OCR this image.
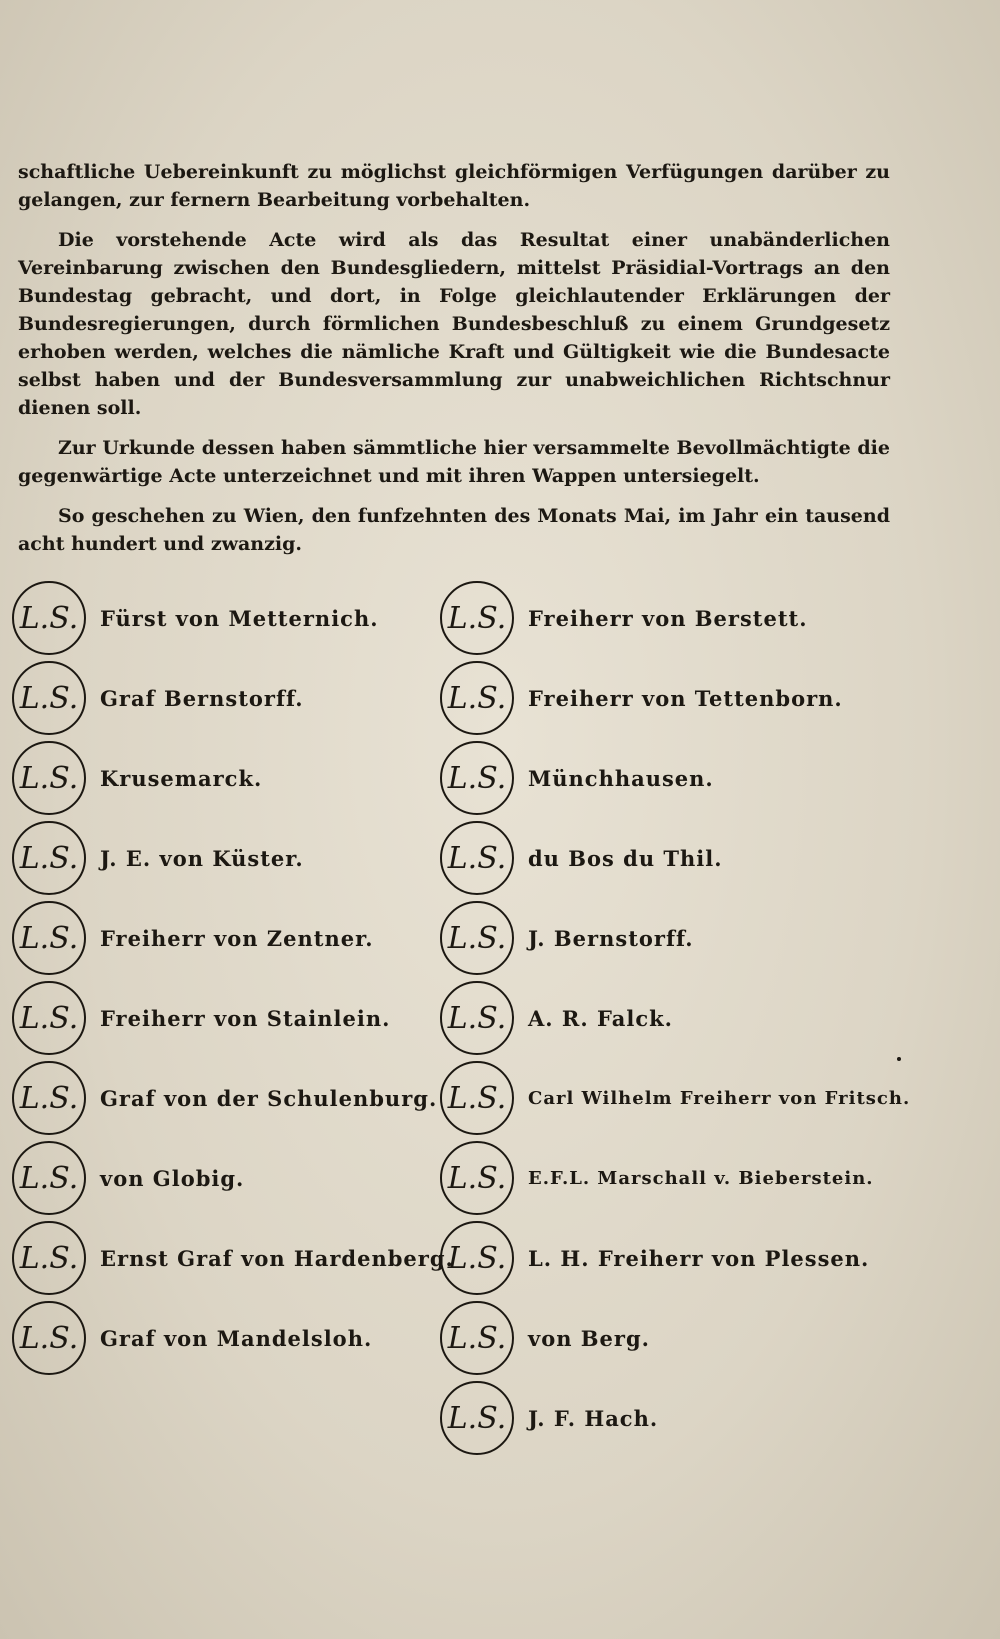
schaftliche Uebereinkunft zu möglichst gleichförmigen Verfügungen darüber zu gelangen, zur fernern Bearbeitung vorbehalten.

Die vorstehende Acte wird als das Resultat einer unabänderlichen Vereinbarung zwischen den Bundesgliedern, mittelst Präsidial-Vortrags an den Bundestag gebracht, und dort, in Folge gleichlautender Erklärungen der Bundesregierungen, durch förmlichen Bundesbeschluß zu einem Grundgesetz erhoben werden, welches die nämliche Kraft und Gültigkeit wie die Bundesacte selbst haben und der Bundesversammlung zur unabweichlichen Richtschnur dienen soll.

Zur Urkunde dessen haben sämmtliche hier versammelte Bevollmächtigte die gegenwärtige Acte unterzeichnet und mit ihren Wappen untersiegelt.

So geschehen zu Wien, den funfzehnten des Monats Mai, im Jahr ein tausend acht hundert und zwanzig.

L.S.	Fürst von Metternich.
L.S.	Graf Bernstorff.
L.S.	Krusemarck.
L.S.	J. E. von Küster.
L.S.	Freiherr von Zentner.
L.S.	Freiherr von Stainlein.
L.S.	Graf von der Schulenburg.
L.S.	von Globig.
L.S.	Ernst Graf von Hardenberg.
L.S.	Graf von Mandelsloh.
L.S.	Freiherr von Berstett.
L.S.	Freiherr von Tettenborn.
L.S.	Münchhausen.
L.S.	du Bos du Thil.
L.S.	J. Bernstorff.
L.S.	A. R. Falck.
L.S.	Carl Wilhelm Freiherr von Fritsch.
L.S.	E.F.L. Marschall v. Bieberstein.
L.S.	L. H. Freiherr von Plessen.
L.S.	von Berg.
L.S.	J. F. Hach.
